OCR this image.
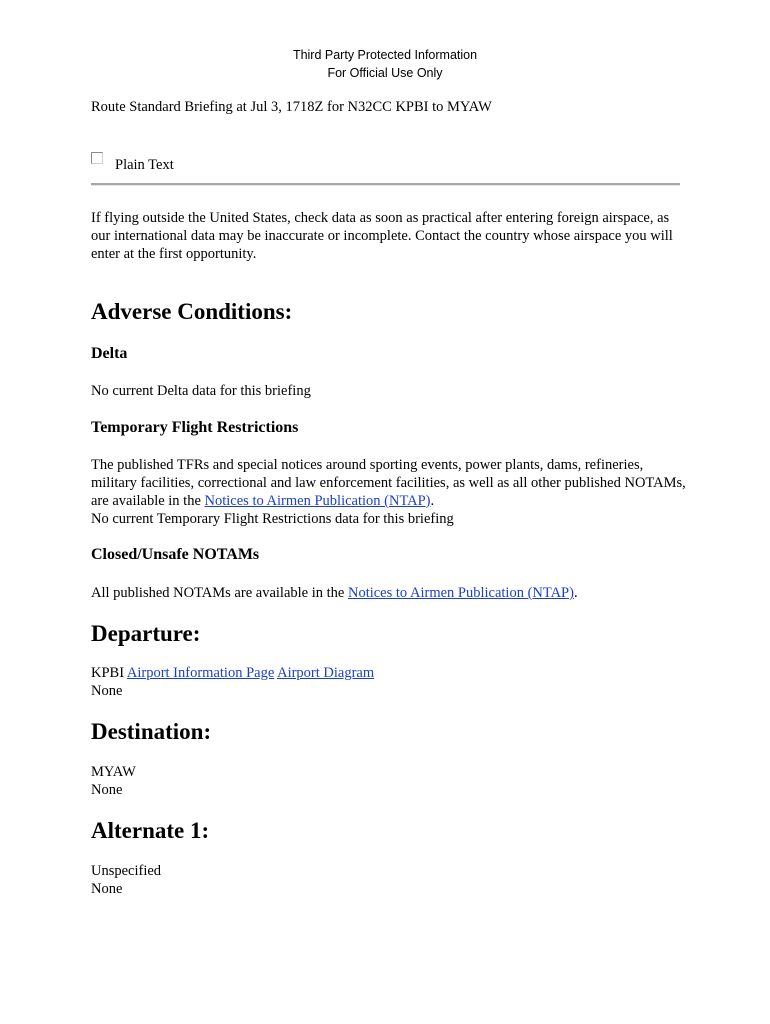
Third Party Protected Information
For Official Use Only
Route Standard Briefing at Jul 3, 1718Z for N32CC KPBI to MYAW
Plain Text

If flying outside the United States, check data as soon as practical after entering foreign airspace, as our international data may be inaccurate or incomplete. Contact the country whose airspace you will enter at the first opportunity.

Adverse Conditions:
Delta

No current Delta data for this briefing

Temporary Flight Restrictions

The published TFRs and special notices around sporting events, power plants, dams, refineries, military facilities, correctional and law enforcement facilities, as well as all other published NOTAMs, are available in the Notices to Airmen Publication (NTAP).

No current Temporary Flight Restrictions data for this briefing

Closed/Unsafe NOTAMs

All published NOTAMs are available in the Notices to Airmen Publication (NTAP).

Departure:

KPBI Airport Information Page Airport Diagram

None

Destination:

MYAW

None

Alternate 1:

Unspecified

None
